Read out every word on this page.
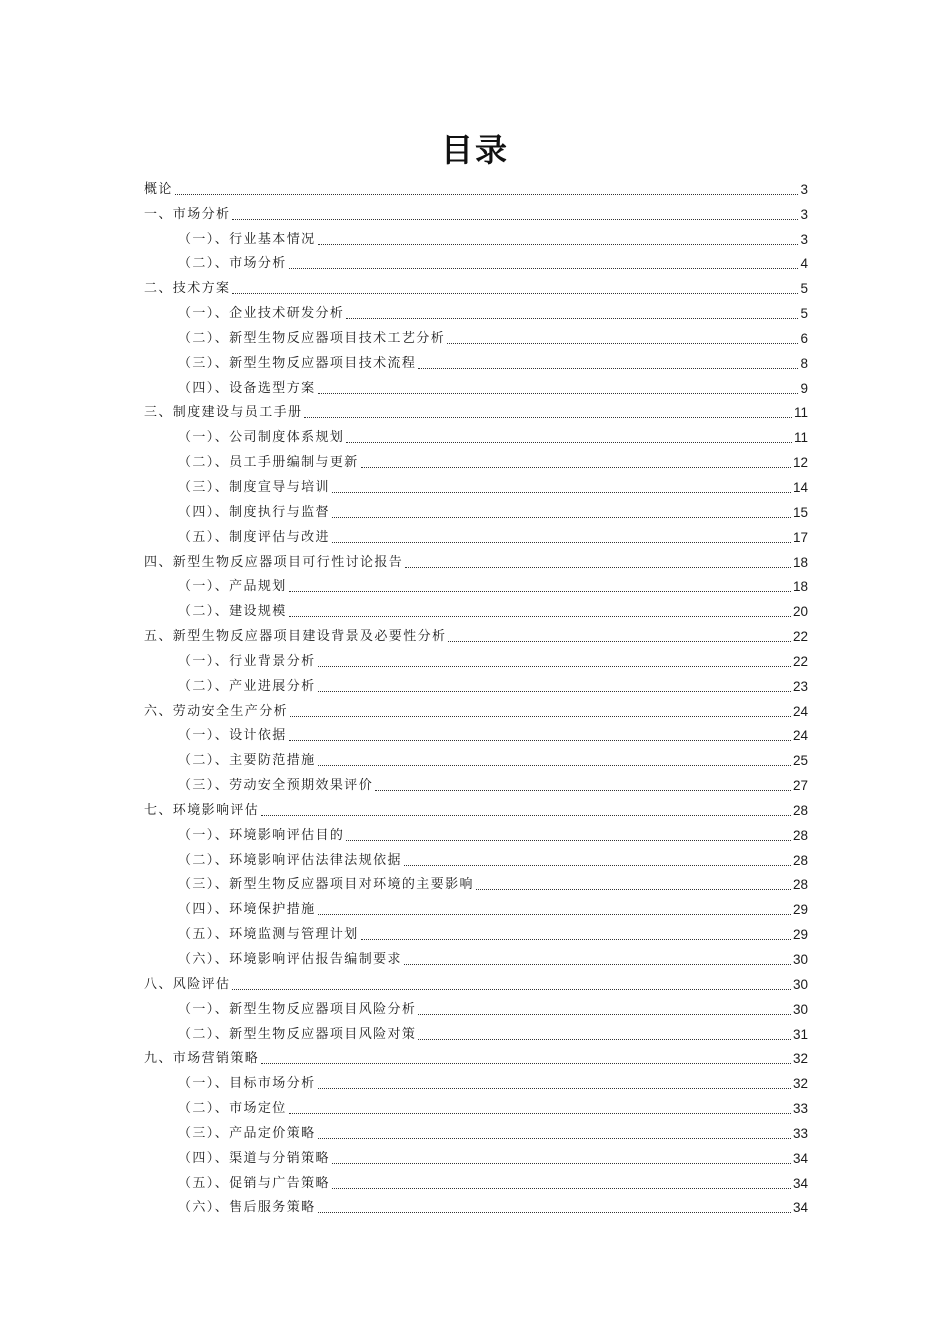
目录
概论	3
一、市场分析	3
（一）、行业基本情况	3
（二）、市场分析	4
二、技术方案	5
（一）、企业技术研发分析	5
（二）、新型生物反应器项目技术工艺分析	6
（三）、新型生物反应器项目技术流程	8
（四）、设备选型方案	9
三、制度建设与员工手册	11
（一）、公司制度体系规划	11
（二）、员工手册编制与更新	12
（三）、制度宣导与培训	14
（四）、制度执行与监督	15
（五）、制度评估与改进	17
四、新型生物反应器项目可行性讨论报告	18
（一）、产品规划	18
（二）、建设规模	20
五、新型生物反应器项目建设背景及必要性分析	22
（一）、行业背景分析	22
（二）、产业进展分析	23
六、劳动安全生产分析	24
（一）、设计依据	24
（二）、主要防范措施	25
（三）、劳动安全预期效果评价	27
七、环境影响评估	28
（一）、环境影响评估目的	28
（二）、环境影响评估法律法规依据	28
（三）、新型生物反应器项目对环境的主要影响	28
（四）、环境保护措施	29
（五）、环境监测与管理计划	29
（六）、环境影响评估报告编制要求	30
八、风险评估	30
（一）、新型生物反应器项目风险分析	30
（二）、新型生物反应器项目风险对策	31
九、市场营销策略	32
（一）、目标市场分析	32
（二）、市场定位	33
（三）、产品定价策略	33
（四）、渠道与分销策略	34
（五）、促销与广告策略	34
（六）、售后服务策略	34
